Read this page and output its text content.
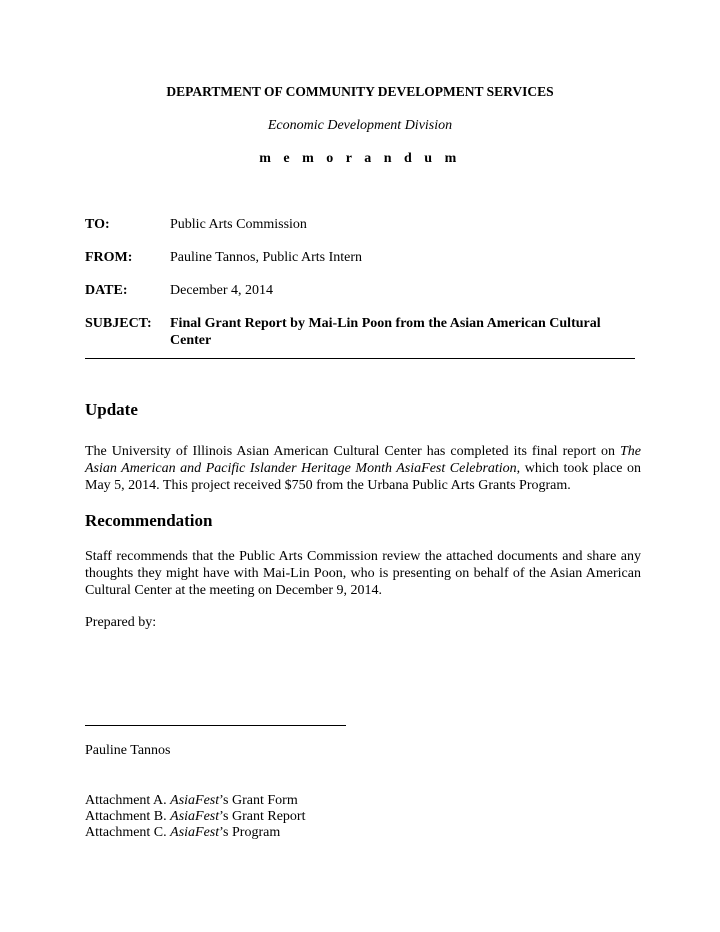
DEPARTMENT OF COMMUNITY DEVELOPMENT SERVICES
Economic Development Division
m e m o r a n d u m
TO:	Public Arts Commission
FROM:	Pauline Tannos, Public Arts Intern
DATE:	December 4, 2014
SUBJECT:	Final Grant Report by Mai-Lin Poon from the Asian American Cultural Center
Update
The University of Illinois Asian American Cultural Center has completed its final report on The Asian American and Pacific Islander Heritage Month AsiaFest Celebration, which took place on May 5, 2014. This project received $750 from the Urbana Public Arts Grants Program.
Recommendation
Staff recommends that the Public Arts Commission review the attached documents and share any thoughts they might have with Mai-Lin Poon, who is presenting on behalf of the Asian American Cultural Center at the meeting on December 9, 2014.
Prepared by:
Pauline Tannos
Attachment A. AsiaFest’s Grant Form
Attachment B. AsiaFest’s Grant Report
Attachment C. AsiaFest’s Program
